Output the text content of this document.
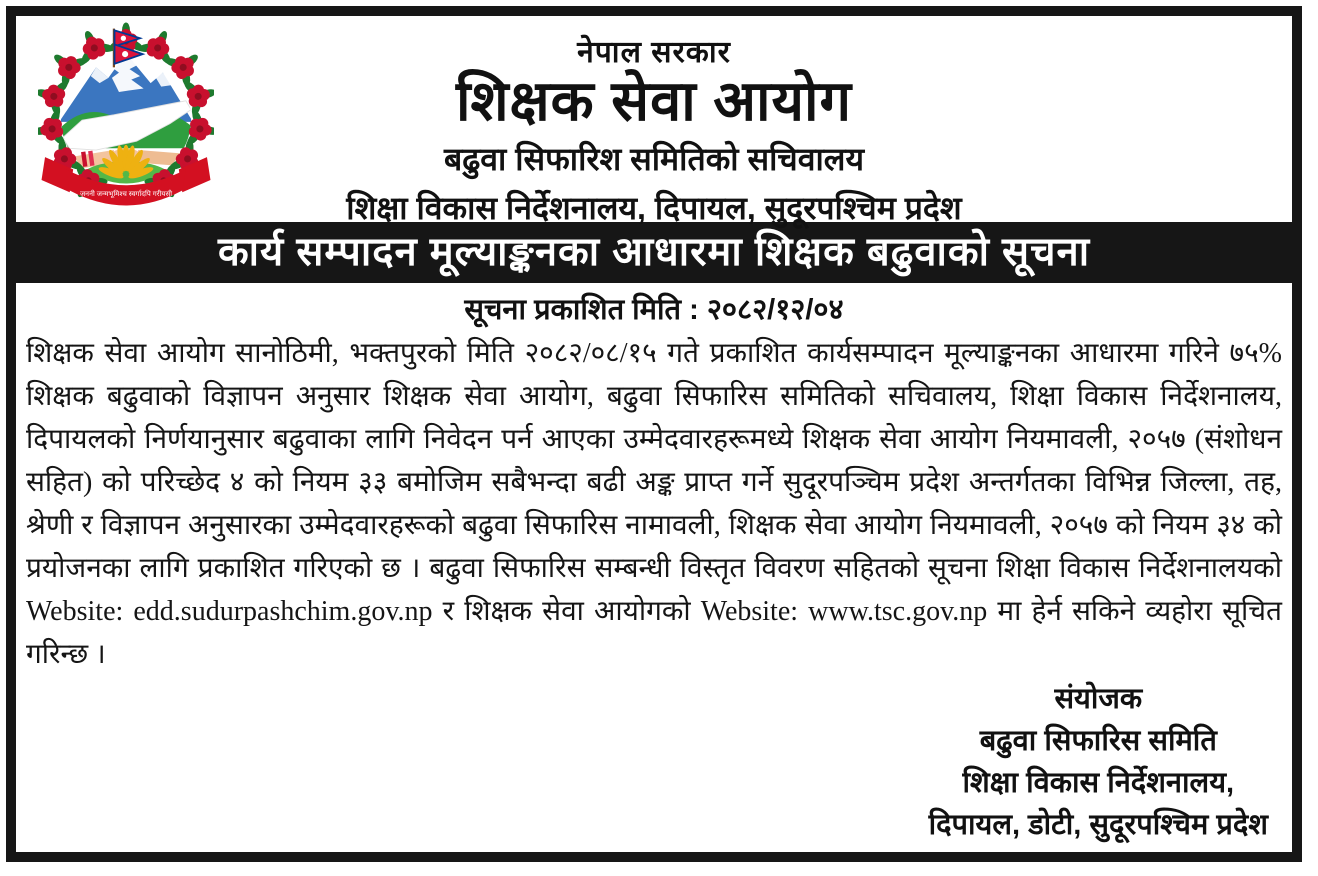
जननी जन्मभूमिश्च स्वर्गादपि गरीयसी
नेपाल सरकार
शिक्षक सेवा आयोग
बढुवा सिफारिश समितिको सचिवालय
शिक्षा विकास निर्देशनालय, दिपायल, सुदूरपश्चिम प्रदेश
कार्य सम्पादन मूल्याङ्कनका आधारमा शिक्षक बढुवाको सूचना
सूचना प्रकाशित मिति : २०८२/१२/०४

शिक्षक सेवा आयोग सानोठिमी, भक्तपुरको मिति २०८२/०८/१५ गते प्रकाशित कार्यसम्पादन मूल्याङ्कनका आधारमा गरिने ७५% शिक्षक बढुवाको विज्ञापन अनुसार शिक्षक सेवा आयोग, बढुवा सिफारिस समितिको सचिवालय, शिक्षा विकास निर्देशनालय, दिपायलको निर्णयानुसार बढुवाका लागि निवेदन पर्न आएका उम्मेदवारहरूमध्ये शिक्षक सेवा आयोग नियमावली, २०५७ (संशोधन सहित) को परिच्छेद ४ को नियम ३३ बमोजिम सबैभन्दा बढी अङ्क प्राप्त गर्ने सुदूरपञ्चिम प्रदेश अन्तर्गतका विभिन्न जिल्ला, तह, श्रेणी र विज्ञापन अनुसारका उम्मेदवारहरूको बढुवा सिफारिस नामावली, शिक्षक सेवा आयोग नियमावली, २०५७ को नियम ३४ को प्रयोजनका लागि प्रकाशित गरिएको छ । बढुवा सिफारिस सम्बन्धी विस्तृत विवरण सहितको सूचना शिक्षा विकास निर्देशनालयको Website: edd.sudurpashchim.gov.np र शिक्षक सेवा आयोगको Website: www.tsc.gov.np मा हेर्न सकिने व्यहोरा सूचित गरिन्छ ।

संयोजक
बढुवा सिफारिस समिति
शिक्षा विकास निर्देशनालय,
दिपायल, डोटी, सुदूरपश्चिम प्रदेश
